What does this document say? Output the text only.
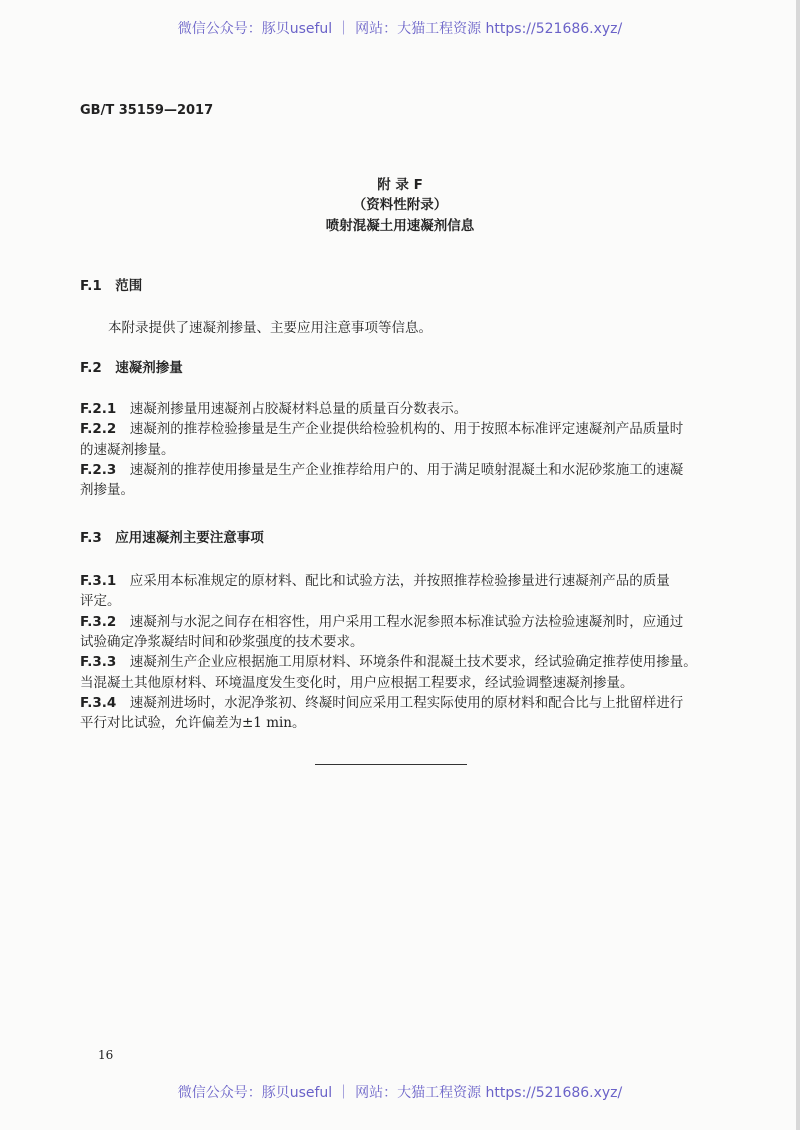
微信公众号：豚贝useful ｜ 网站：大猫工程资源 https://521686.xyz/
GB/T 35159—2017
附 录 F
（资料性附录）
喷射混凝土用速凝剂信息
F.1　范围
本附录提供了速凝剂掺量、主要应用注意事项等信息。
F.2　速凝剂掺量
F.2.1　速凝剂掺量用速凝剂占胶凝材料总量的质量百分数表示。
F.2.2　速凝剂的推荐检验掺量是生产企业提供给检验机构的、用于按照本标准评定速凝剂产品质量时
的速凝剂掺量。
F.2.3　速凝剂的推荐使用掺量是生产企业推荐给用户的、用于满足喷射混凝土和水泥砂浆施工的速凝
剂掺量。
F.3　应用速凝剂主要注意事项
F.3.1　应采用本标准规定的原材料、配比和试验方法，并按照推荐检验掺量进行速凝剂产品的质量
评定。
F.3.2　速凝剂与水泥之间存在相容性，用户采用工程水泥参照本标准试验方法检验速凝剂时，应通过
试验确定净浆凝结时间和砂浆强度的技术要求。
F.3.3　速凝剂生产企业应根据施工用原材料、环境条件和混凝土技术要求，经试验确定推荐使用掺量。
当混凝土其他原材料、环境温度发生变化时，用户应根据工程要求，经试验调整速凝剂掺量。
F.3.4　速凝剂进场时，水泥净浆初、终凝时间应采用工程实际使用的原材料和配合比与上批留样进行
平行对比试验，允许偏差为±1 min。
16
微信公众号：豚贝useful ｜ 网站：大猫工程资源 https://521686.xyz/
